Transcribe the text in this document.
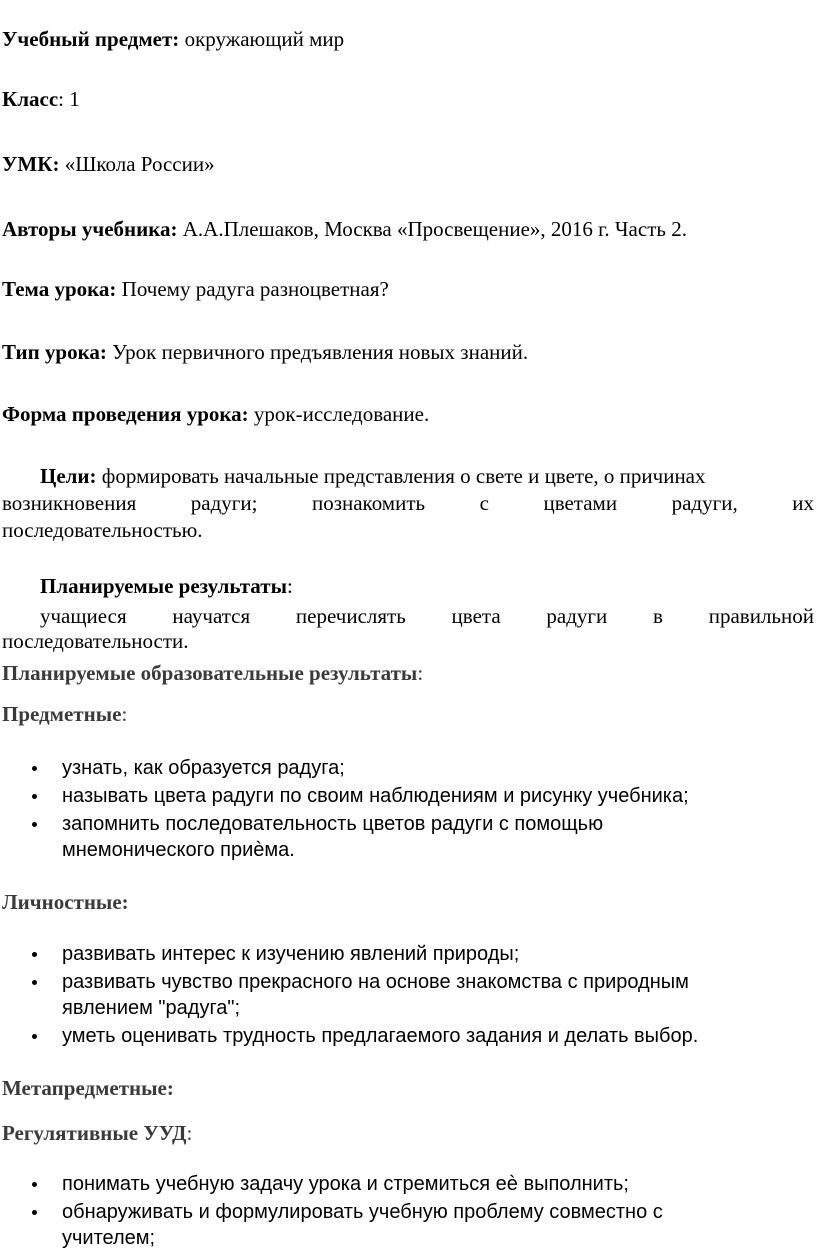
Учебный предмет: окружающий мир
Класс: 1
УМК: «Школа России»
Авторы учебника: А.А.Плешаков, Москва «Просвещение», 2016 г. Часть 2.
Тема урока: Почему радуга разноцветная?
Тип урока: Урок первичного предъявления новых знаний.
Форма проведения урока: урок-исследование.
Цели: формировать начальные представления о свете и цвете, о причинах
возникновения	радуги;	познакомить	с	цветами	радуги,	их
последовательностью.
Планируемые результаты:
учащиеся научатся перечислять цвета радуги в правильной
последовательности.
Планируемые образовательные результаты:
Предметные:
узнать, как образуется радуга;
называть цвета радуги по своим наблюдениям и рисунку учебника;
запомнить последовательность цветов радуги с помощью
мнемонического приèма.
Личностные:
развивать интерес к изучению явлений природы;
развивать чувство прекрасного на основе знакомства с природным
явлением "радуга";
уметь оценивать трудность предлагаемого задания и делать выбор.
Метапредметные:
Регулятивные УУД:
понимать учебную задачу урока и стремиться еè выполнить;
обнаруживать и формулировать учебную проблему совместно с
учителем;
